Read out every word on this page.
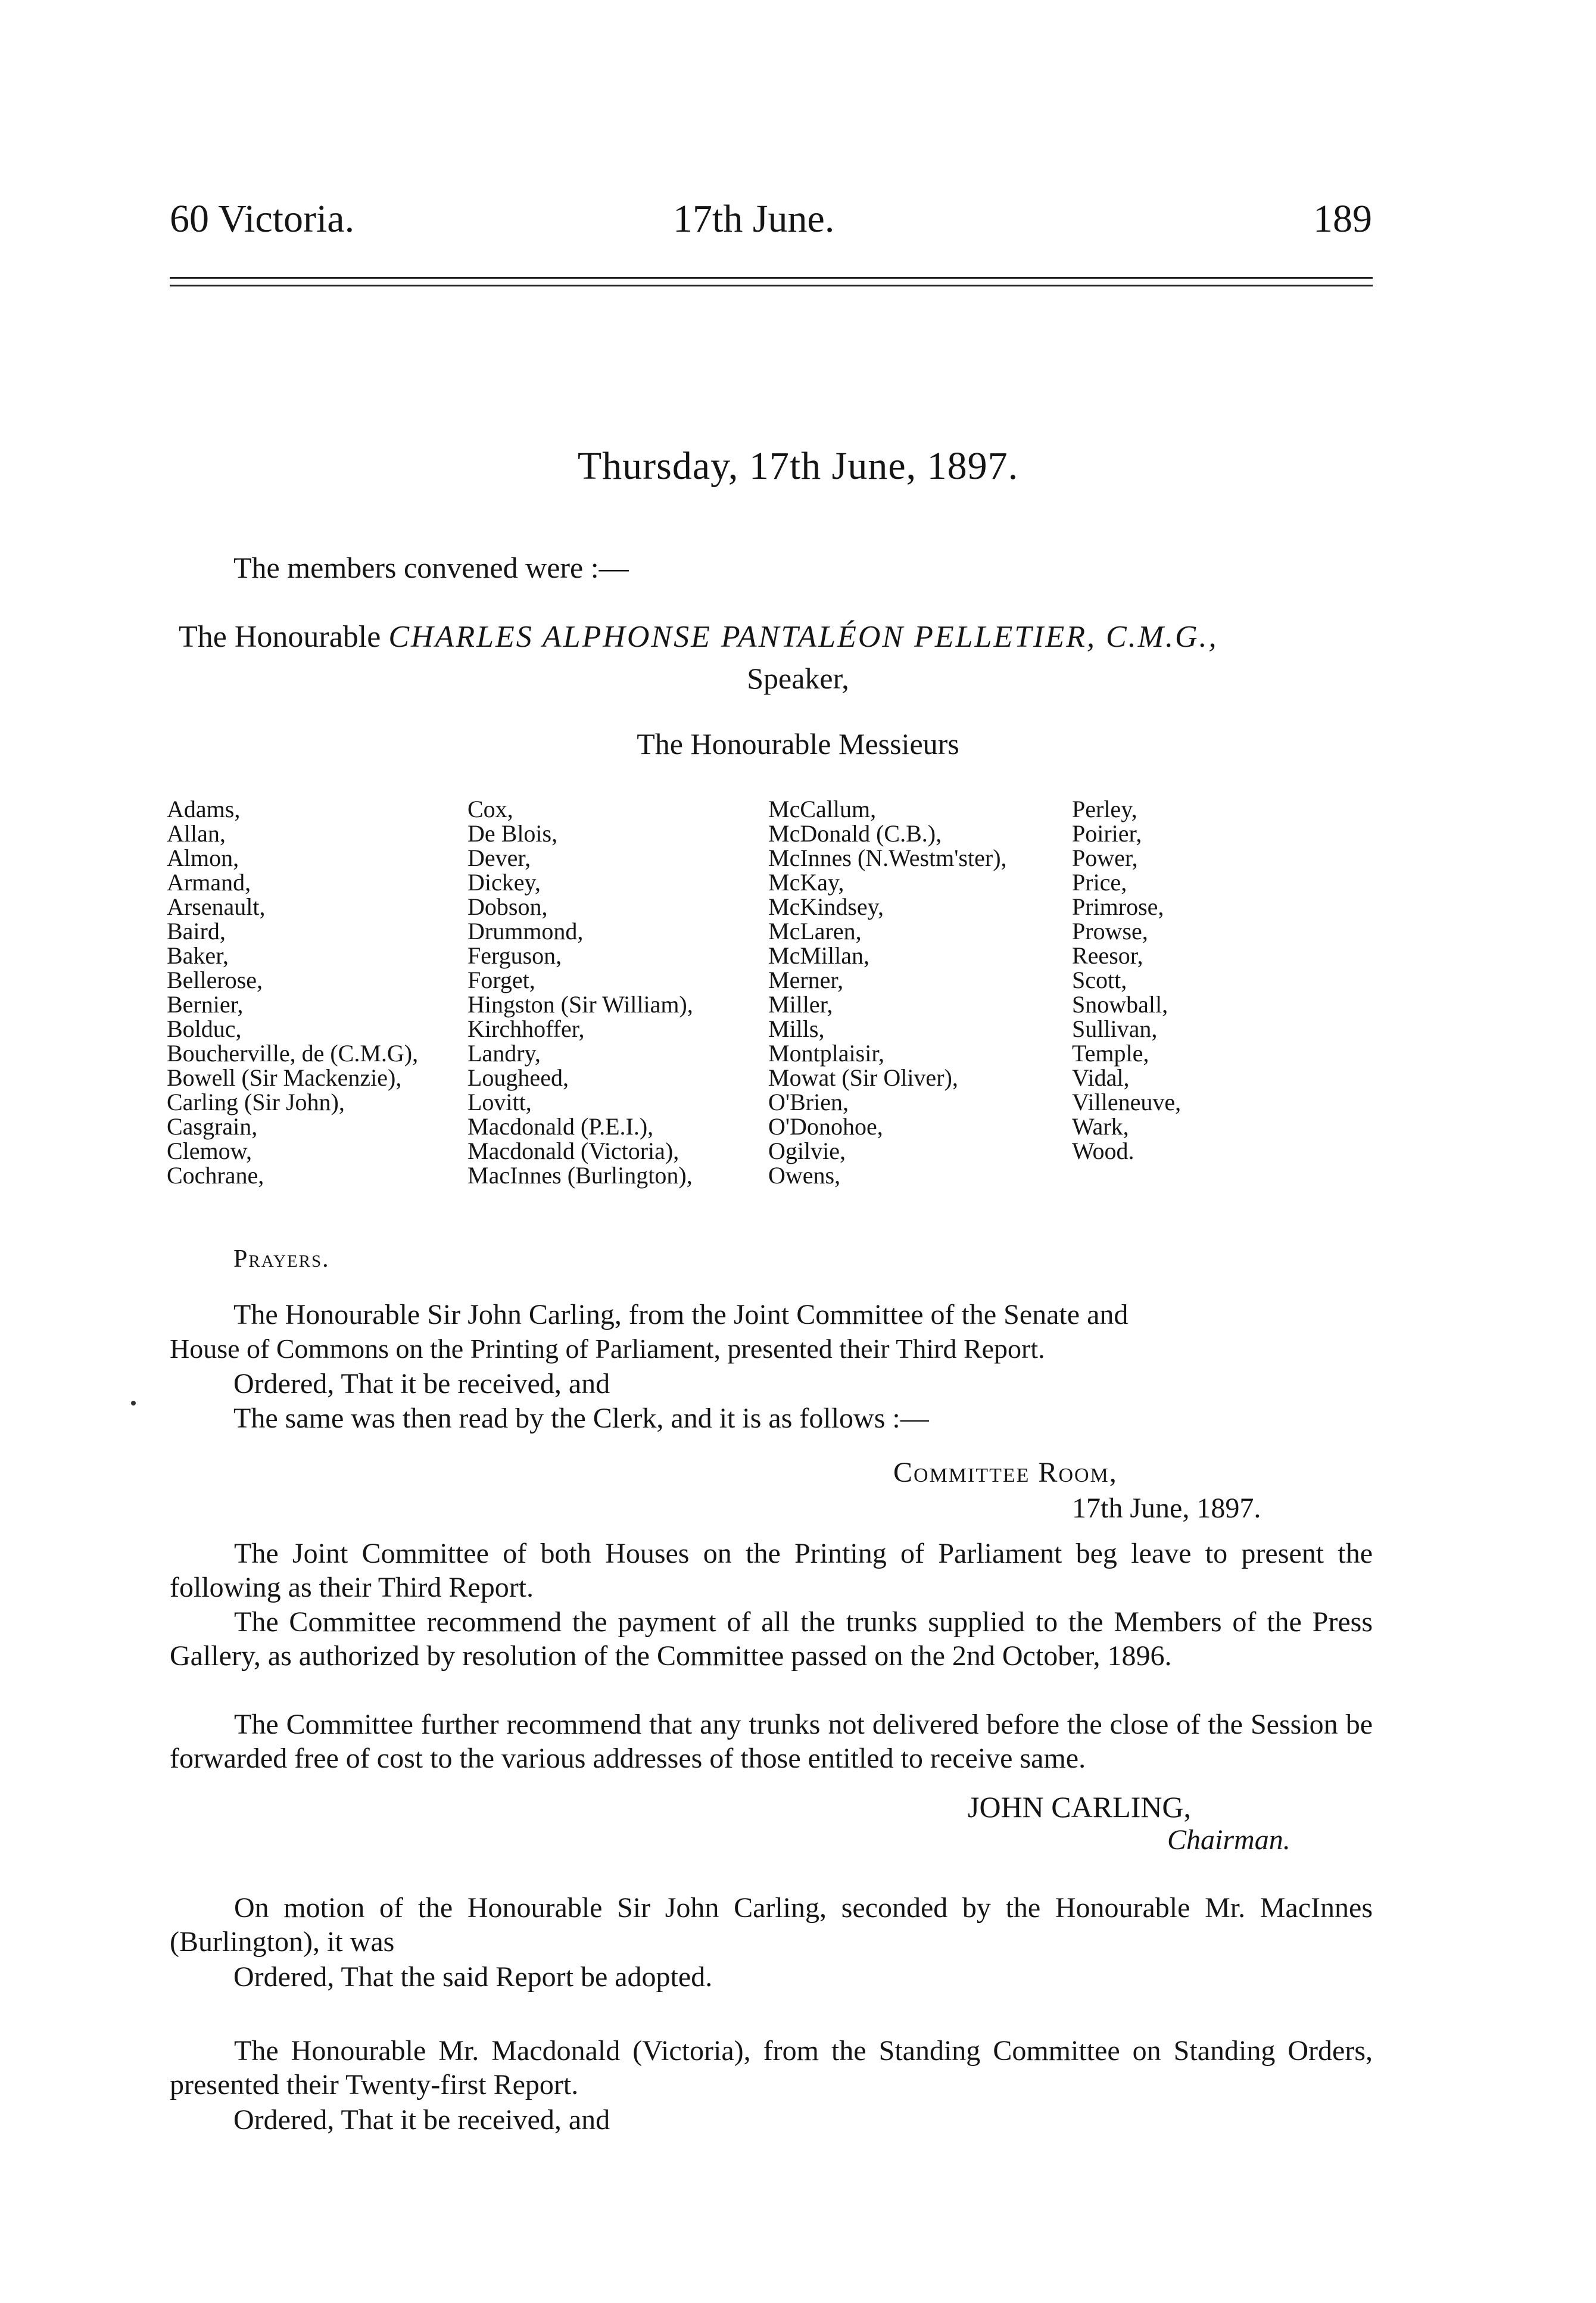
60 Victoria.	17th June.	189
Thursday, 17th June, 1897.
The members convened were :—
The Honourable CHARLES ALPHONSE PANTALÉON PELLETIER, C.M.G.,
Speaker,
The Honourable Messieurs
Adams,
Allan,
Almon,
Armand,
Arsenault,
Baird,
Baker,
Bellerose,
Bernier,
Bolduc,
Boucherville, de (C.M.G),
Bowell (Sir Mackenzie),
Carling (Sir John),
Casgrain,
Clemow,
Cochrane,
Cox,
De Blois,
Dever,
Dickey,
Dobson,
Drummond,
Ferguson,
Forget,
Hingston (Sir William),
Kirchhoffer,
Landry,
Lougheed,
Lovitt,
Macdonald (P.E.I.),
Macdonald (Victoria),
MacInnes (Burlington),
McCallum,
McDonald (C.B.),
McInnes (N.Westm'ster),
McKay,
McKindsey,
McLaren,
McMillan,
Merner,
Miller,
Mills,
Montplaisir,
Mowat (Sir Oliver),
O'Brien,
O'Donohoe,
Ogilvie,
Owens,
Perley,
Poirier,
Power,
Price,
Primrose,
Prowse,
Reesor,
Scott,
Snowball,
Sullivan,
Temple,
Vidal,
Villeneuve,
Wark,
Wood.
Prayers.
The Honourable Sir John Carling, from the Joint Committee of the Senate and
House of Commons on the Printing of Parliament, presented their Third Report.
Ordered, That it be received, and
The same was then read by the Clerk, and it is as follows :—
Committee Room,
17th June, 1897.
The Joint Committee of both Houses on the Printing of Parliament beg leave to present the following as their Third Report.
The Committee recommend the payment of all the trunks supplied to the Members of the Press Gallery, as authorized by resolution of the Committee passed on the 2nd October, 1896.
The Committee further recommend that any trunks not delivered before the close of the Session be forwarded free of cost to the various addresses of those entitled to receive same.
JOHN CARLING,
Chairman.
On motion of the Honourable Sir John Carling, seconded by the Honourable Mr. MacInnes (Burlington), it was
Ordered, That the said Report be adopted.
The Honourable Mr. Macdonald (Victoria), from the Standing Committee on Standing Orders, presented their Twenty-first Report.
Ordered, That it be received, and
